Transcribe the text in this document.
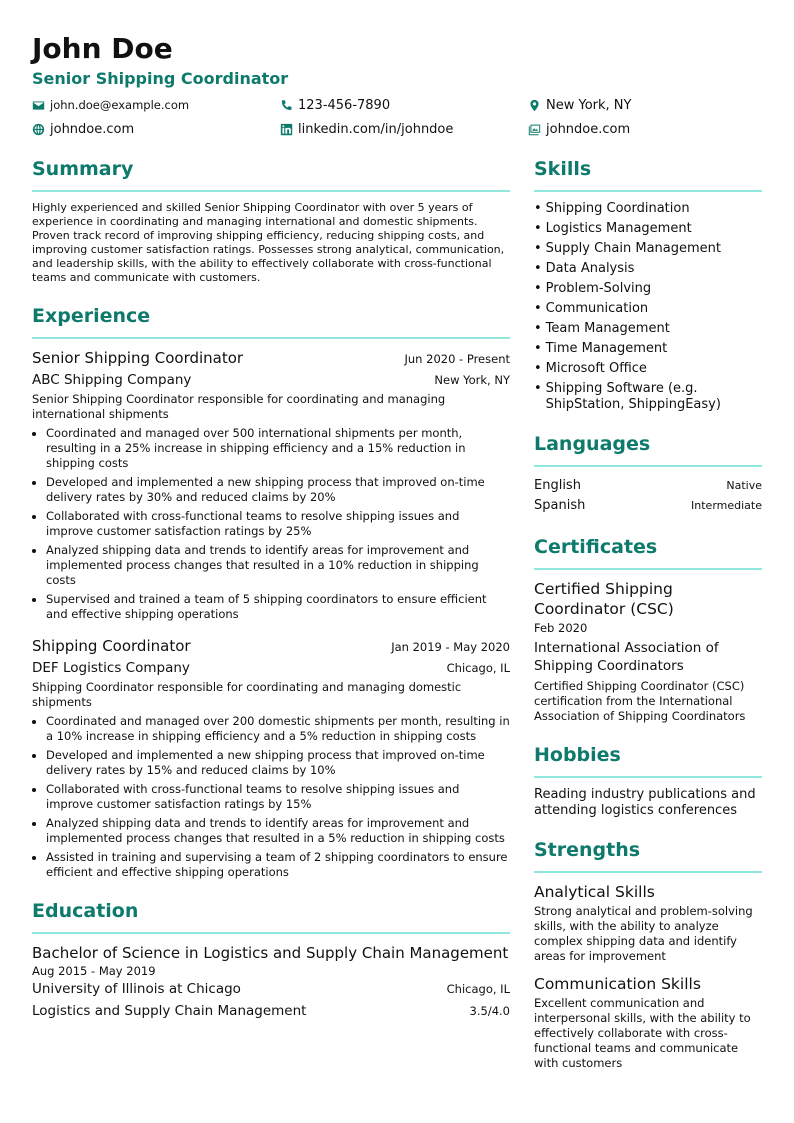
John Doe
Senior Shipping Coordinator
john.doe@example.com	123-456-7890	New York, NY
johndoe.com	linkedin.com/in/johndoe	johndoe.com
Summary
Highly experienced and skilled Senior Shipping Coordinator with over 5 years of experience in coordinating and managing international and domestic shipments. Proven track record of improving shipping efficiency, reducing shipping costs, and improving customer satisfaction ratings. Possesses strong analytical, communication, and leadership skills, with the ability to effectively collaborate with cross-functional teams and communicate with customers.
Experience
Senior Shipping Coordinator	Jun 2020 - Present
ABC Shipping Company	New York, NY
Senior Shipping Coordinator responsible for coordinating and managing international shipments
• Coordinated and managed over 500 international shipments per month, resulting in a 25% increase in shipping efficiency and a 15% reduction in shipping costs
• Developed and implemented a new shipping process that improved on-time delivery rates by 30% and reduced claims by 20%
• Collaborated with cross-functional teams to resolve shipping issues and improve customer satisfaction ratings by 25%
• Analyzed shipping data and trends to identify areas for improvement and implemented process changes that resulted in a 10% reduction in shipping costs
• Supervised and trained a team of 5 shipping coordinators to ensure efficient and effective shipping operations
Shipping Coordinator	Jan 2019 - May 2020
DEF Logistics Company	Chicago, IL
Shipping Coordinator responsible for coordinating and managing domestic shipments
• Coordinated and managed over 200 domestic shipments per month, resulting in a 10% increase in shipping efficiency and a 5% reduction in shipping costs
• Developed and implemented a new shipping process that improved on-time delivery rates by 15% and reduced claims by 10%
• Collaborated with cross-functional teams to resolve shipping issues and improve customer satisfaction ratings by 15%
• Analyzed shipping data and trends to identify areas for improvement and implemented process changes that resulted in a 5% reduction in shipping costs
• Assisted in training and supervising a team of 2 shipping coordinators to ensure efficient and effective shipping operations
Education
Bachelor of Science in Logistics and Supply Chain Management
Aug 2015 - May 2019
University of Illinois at Chicago	Chicago, IL
Logistics and Supply Chain Management	3.5/4.0
Skills
• Shipping Coordination
• Logistics Management
• Supply Chain Management
• Data Analysis
• Problem-Solving
• Communication
• Team Management
• Time Management
• Microsoft Office
• Shipping Software (e.g. ShipStation, ShippingEasy)
Languages
English	Native
Spanish	Intermediate
Certificates
Certified Shipping Coordinator (CSC)
Feb 2020
International Association of Shipping Coordinators
Certified Shipping Coordinator (CSC) certification from the International Association of Shipping Coordinators
Hobbies
Reading industry publications and attending logistics conferences
Strengths
Analytical Skills
Strong analytical and problem-solving skills, with the ability to analyze complex shipping data and identify areas for improvement
Communication Skills
Excellent communication and interpersonal skills, with the ability to effectively collaborate with cross-functional teams and communicate with customers
